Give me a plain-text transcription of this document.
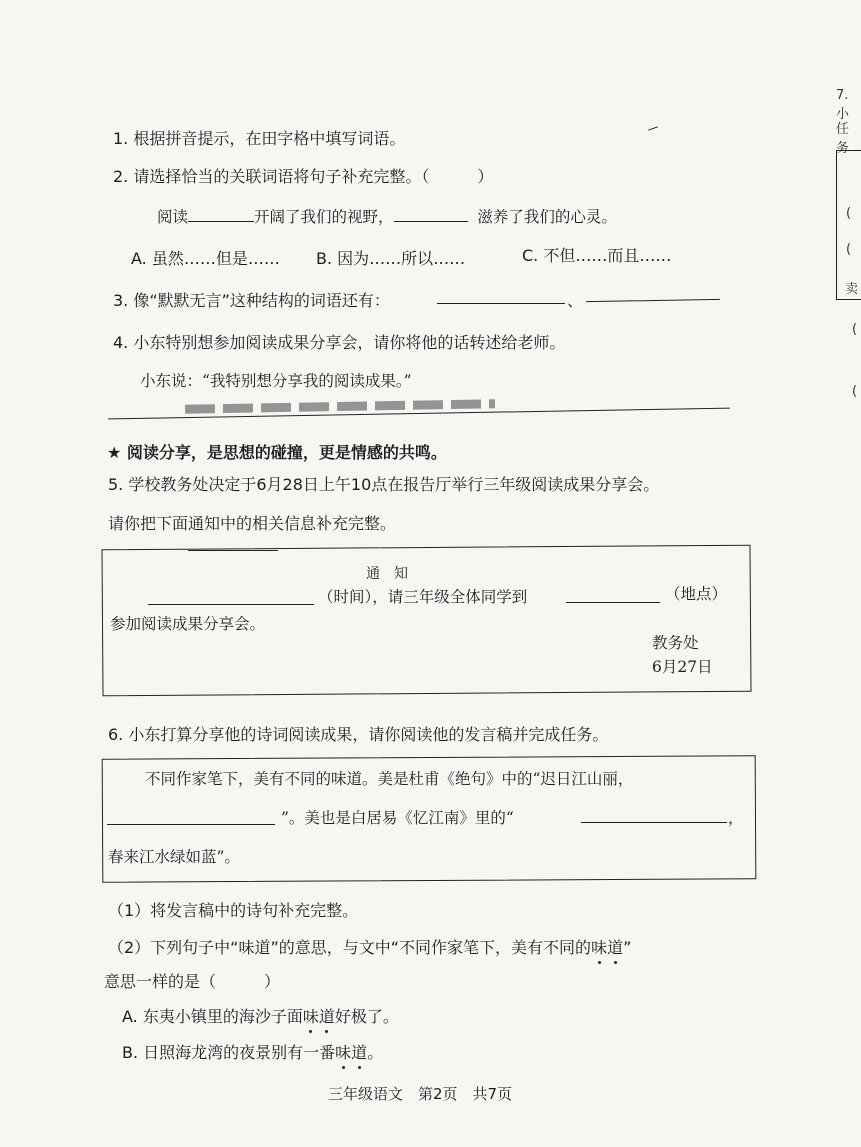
1. 根据拼音提示，在田字格中填写词语。
2. 请选择恰当的关联词语将句子补充完整。（　　　）
阅读	开阔了我们的视野，	滋养了我们的心灵。
A. 虽然……但是…… B. 因为……所以……	C. 不但……而且……
3. 像“默默无言”这种结构的词语还有：	、
4. 小东特别想参加阅读成果分享会，请你将他的话转述给老师。
小东说：“我特别想分享我的阅读成果。”
★ 阅读分享，是思想的碰撞，更是情感的共鸣。
5. 学校教务处决定于6月28日上午10点在报告厅举行三年级阅读成果分享会。
请你把下面通知中的相关信息补充完整。
通　知
（时间），请三年级全体同学到	（地点）
参加阅读成果分享会。
教务处
6月27日
6. 小东打算分享他的诗词阅读成果，请你阅读他的发言稿并完成任务。
不同作家笔下，美有不同的味道。美是杜甫《绝句》中的“迟日江山丽，
”。美也是白居易《忆江南》里的“	，
春来江水绿如蓝”。
（1）将发言稿中的诗句补充完整。
（2）下列句子中“味道”的意思，与文中“不同作家笔下，美有不同的味道”
意思一样的是（　　　）
A. 东夷小镇里的海沙子面味道好极了。
B. 日照海龙湾的夜景别有一番味道。
三年级语文　第2页　共7页
7.小
任务
(
(
卖
(
(
